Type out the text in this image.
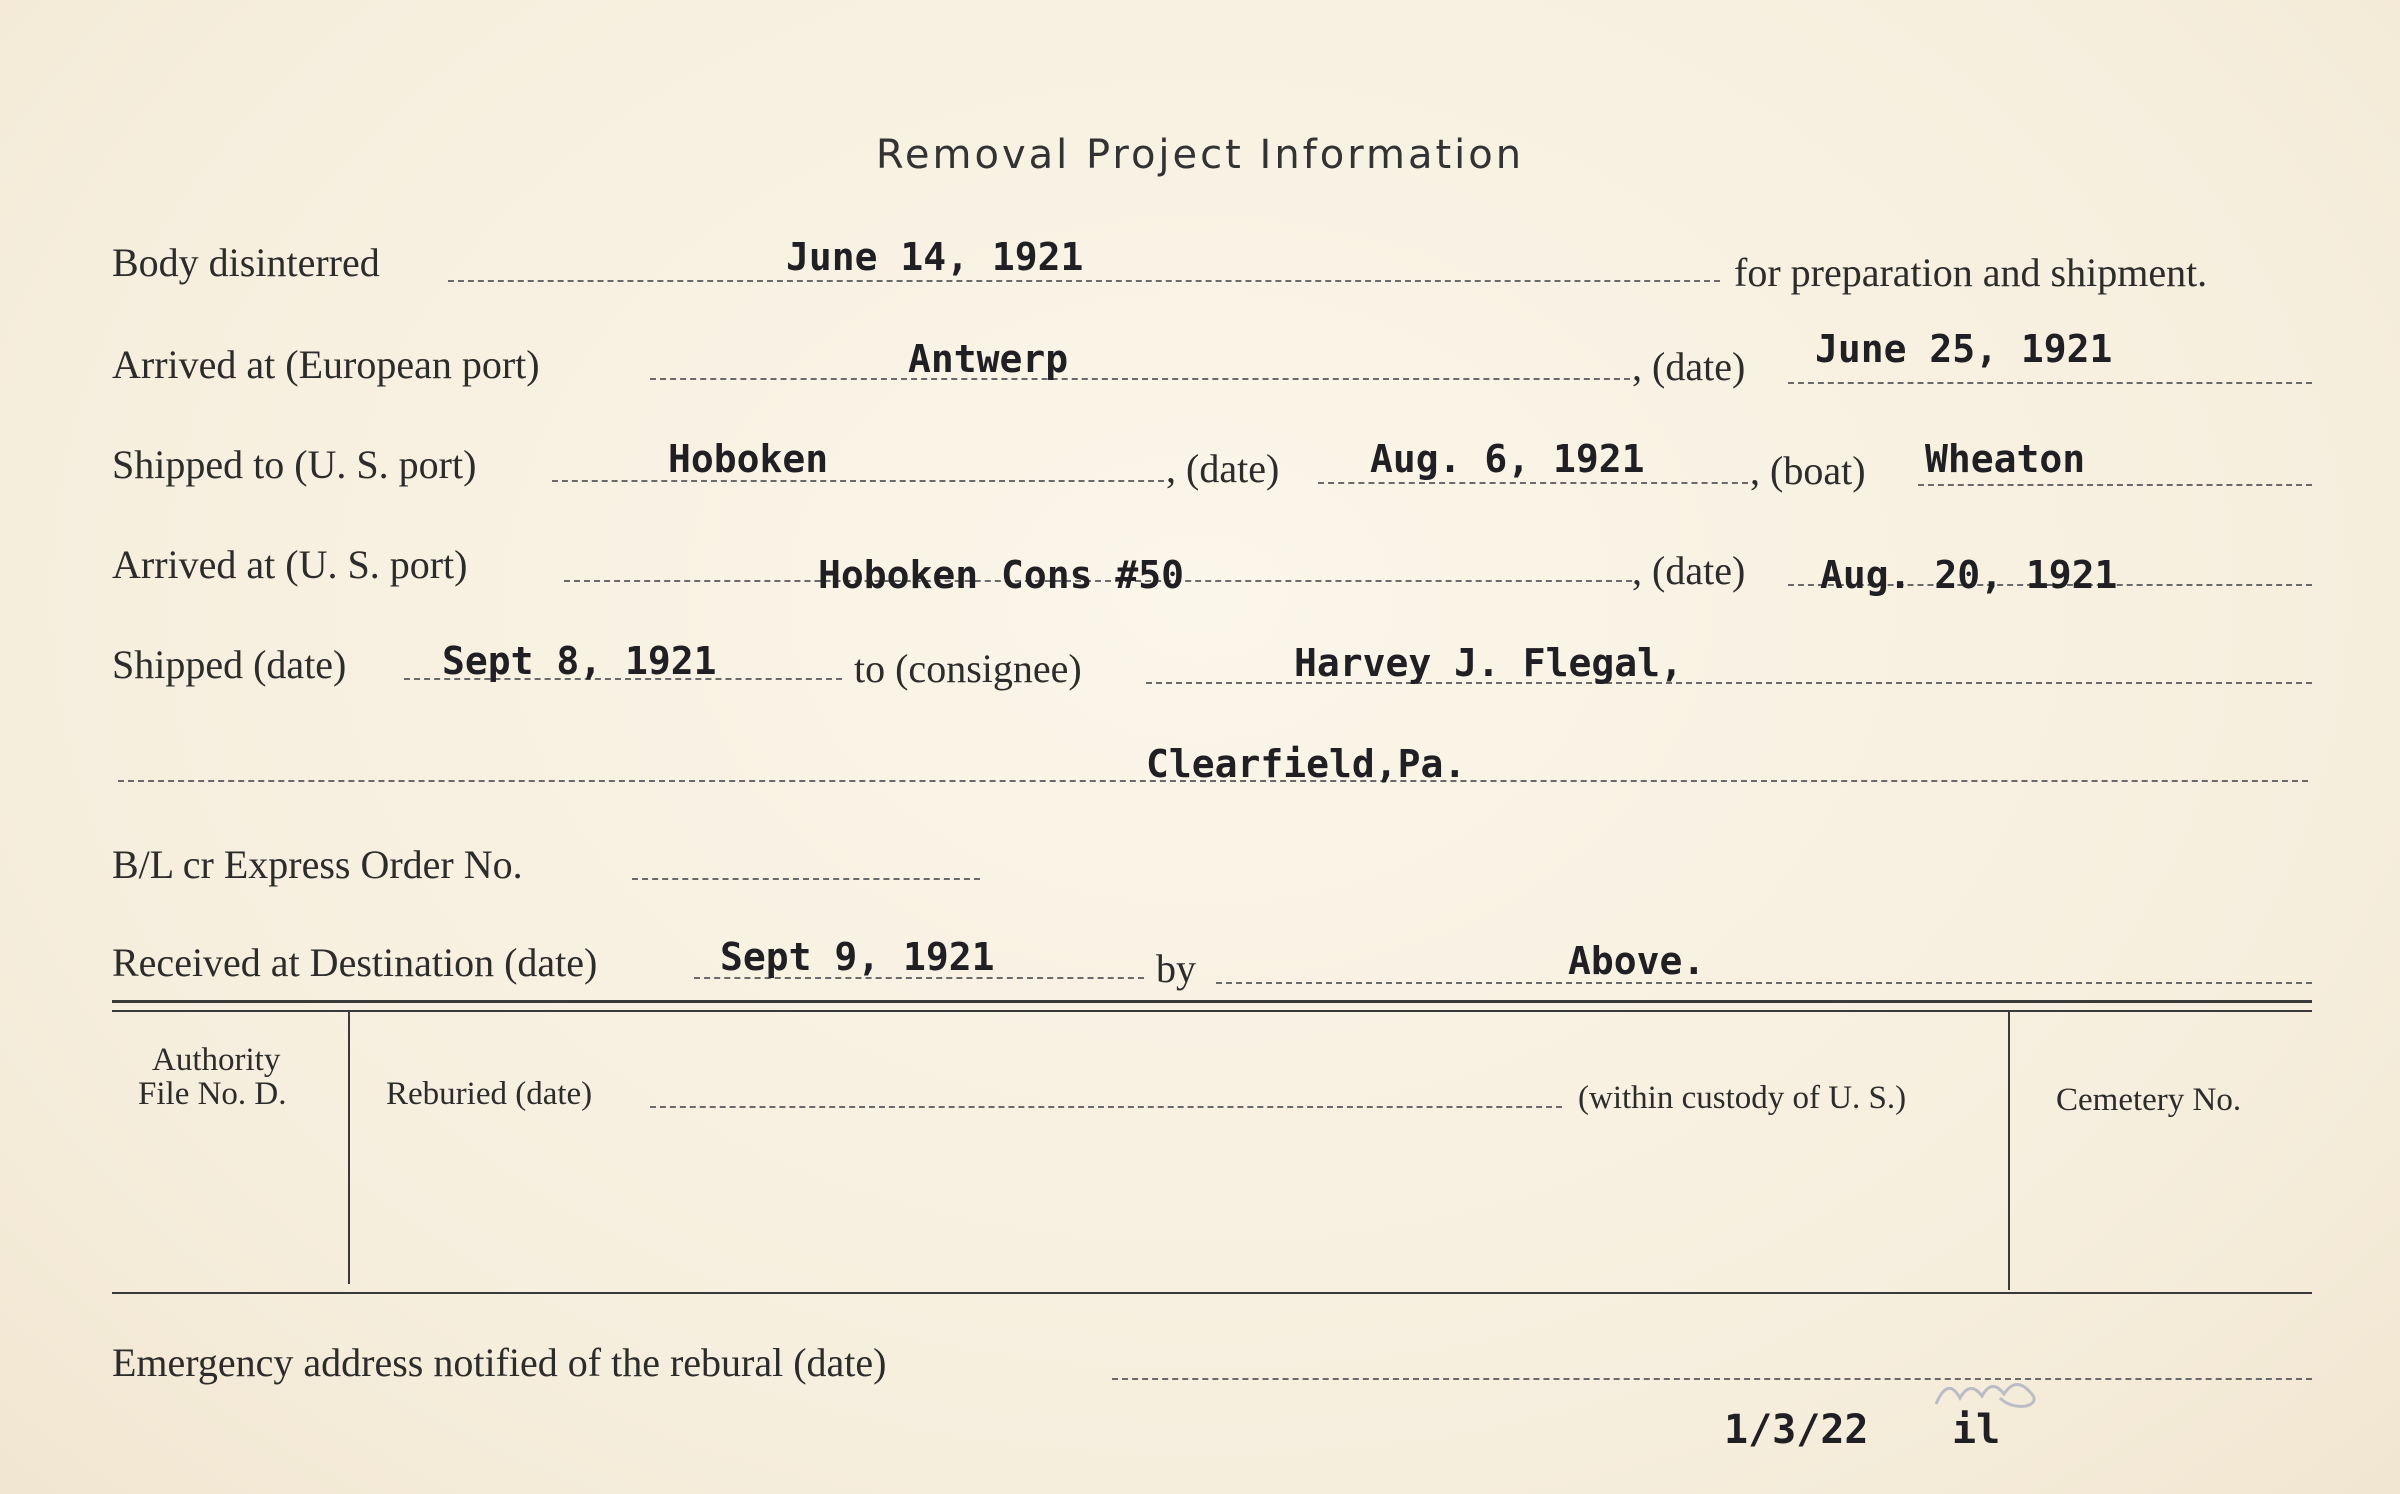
Removal Project Information
Body disinterred	June 14, 1921	for preparation and shipment.
Arrived at (European port)	Antwerp	, (date) June 25, 1921
Shipped to (U. S. port)	Hoboken	, (date) Aug. 6, 1921	, (boat) Wheaton
Arrived at (U. S. port)	Hoboken Cons #50	, (date) Aug. 20, 1921
Shipped (date)	Sept 8, 1921	to (consignee)	Harvey J. Flegal,
Clearfield,Pa.
B/L cr Express Order No.
Received at Destination (date)	Sept 9, 1921	by	Above.
Authority
File No. D.	Reburied (date)	(within custody of U. S.)	Cemetery No.
Emergency address notified of the rebural (date)
1/3/22 il
